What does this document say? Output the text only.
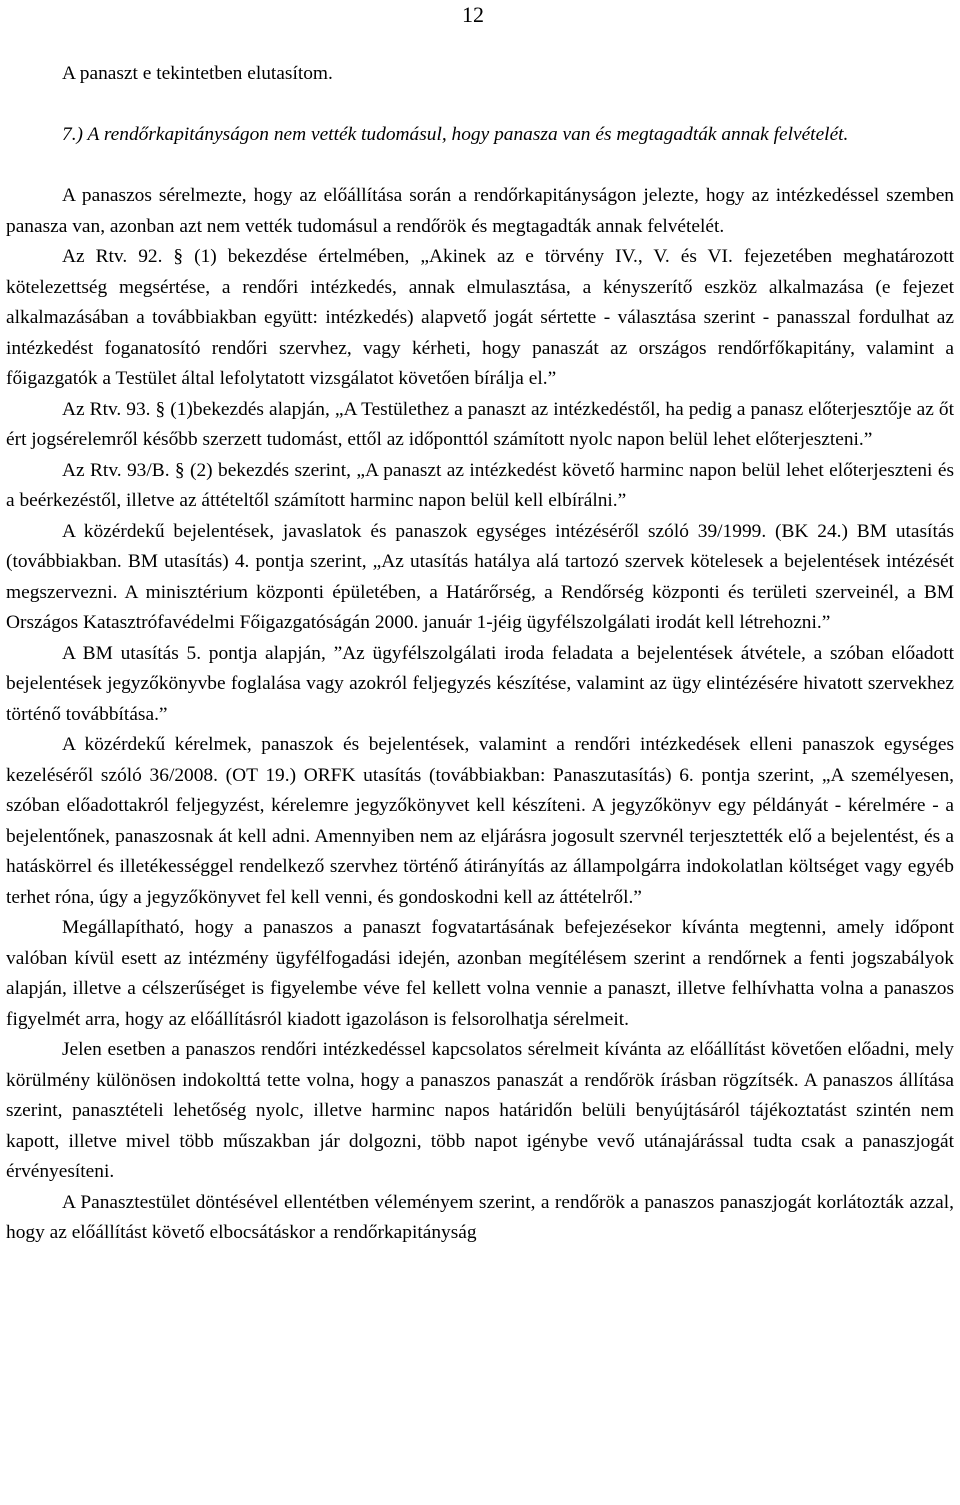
12

A panaszt e tekintetben elutasítom.

7.) A rendőrkapitányságon nem vették tudomásul, hogy panasza van és megtagadták annak felvételét.

A panaszos sérelmezte, hogy az előállítása során a rendőrkapitányságon jelezte, hogy az intézkedéssel szemben panasza van, azonban azt nem vették tudomásul a rendőrök és megtagadták annak felvételét.

Az Rtv. 92. § (1) bekezdése értelmében, „Akinek az e törvény IV., V. és VI. fejezetében meghatározott kötelezettség megsértése, a rendőri intézkedés, annak elmulasztása, a kényszerítő eszköz alkalmazása (e fejezet alkalmazásában a továbbiakban együtt: intézkedés) alapvető jogát sértette - választása szerint - panasszal fordulhat az intézkedést foganatosító rendőri szervhez, vagy kérheti, hogy panaszát az országos rendőrfőkapitány, valamint a főigazgatók a Testület által lefolytatott vizsgálatot követően bírálja el.”

Az Rtv. 93. § (1)bekezdés alapján, „A Testülethez a panaszt az intézkedéstől, ha pedig a panasz előterjesztője az őt ért jogsérelemről később szerzett tudomást, ettől az időponttól számított nyolc napon belül lehet előterjeszteni.”

Az Rtv. 93/B. § (2) bekezdés szerint, „A panaszt az intézkedést követő harminc napon belül lehet előterjeszteni és a beérkezéstől, illetve az áttételtől számított harminc napon belül kell elbírálni.”

A közérdekű bejelentések, javaslatok és panaszok egységes intézéséről szóló 39/1999. (BK 24.) BM utasítás (továbbiakban. BM utasítás) 4. pontja szerint, „Az utasítás hatálya alá tartozó szervek kötelesek a bejelentések intézését megszervezni. A minisztérium központi épületében, a Határőrség, a Rendőrség központi és területi szerveinél, a BM Országos Katasztrófavédelmi Főigazgatóságán 2000. január 1-jéig ügyfélszolgálati irodát kell létrehozni.”

A BM utasítás 5. pontja alapján, ”Az ügyfélszolgálati iroda feladata a bejelentések átvétele, a szóban előadott bejelentések jegyzőkönyvbe foglalása vagy azokról feljegyzés készítése, valamint az ügy elintézésére hivatott szervekhez történő továbbítása.”

A közérdekű kérelmek, panaszok és bejelentések, valamint a rendőri intézkedések elleni panaszok egységes kezeléséről szóló 36/2008. (OT 19.) ORFK utasítás (továbbiakban: Panaszutasítás) 6. pontja szerint, „A személyesen, szóban előadottakról feljegyzést, kérelemre jegyzőkönyvet kell készíteni. A jegyzőkönyv egy példányát - kérelmére - a bejelentőnek, panaszosnak át kell adni. Amennyiben nem az eljárásra jogosult szervnél terjesztették elő a bejelentést, és a hatáskörrel és illetékességgel rendelkező szervhez történő átirányítás az állampolgárra indokolatlan költséget vagy egyéb terhet róna, úgy a jegyzőkönyvet fel kell venni, és gondoskodni kell az áttételről.”

Megállapítható, hogy a panaszos a panaszt fogvatartásának befejezésekor kívánta megtenni, amely időpont valóban kívül esett az intézmény ügyfélfogadási idején, azonban megítélésem szerint a rendőrnek a fenti jogszabályok alapján, illetve a célszerűséget is figyelembe véve fel kellett volna vennie a panaszt, illetve felhívhatta volna a panaszos figyelmét arra, hogy az előállításról kiadott igazoláson is felsorolhatja sérelmeit.

Jelen esetben a panaszos rendőri intézkedéssel kapcsolatos sérelmeit kívánta az előállítást követően előadni, mely körülmény különösen indokolttá tette volna, hogy a panaszos panaszát a rendőrök írásban rögzítsék. A panaszos állítása szerint, panasztételi lehetőség nyolc, illetve harminc napos határidőn belüli benyújtásáról tájékoztatást szintén nem kapott, illetve mivel több műszakban jár dolgozni, több napot igénybe vevő utánajárással tudta csak a panaszjogát érvényesíteni.

A Panasztestület döntésével ellentétben véleményem szerint, a rendőrök a panaszos panaszjogát korlátozták azzal, hogy az előállítást követő elbocsátáskor a rendőrkapitányság
